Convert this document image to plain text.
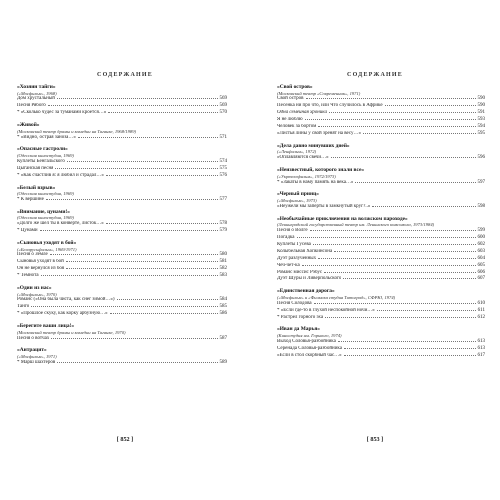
СОДЕРЖАНИЕ
«Хозяин тайги»
(«Мосфильм», 1968)
Дом хрустальный	569
Песня Рябого	569
* «Сколько чудес за туманами кроется…»	570
«Живой»
(Московский театр драмы и комедии на Таганке, 1968/1989)
* «Видно, острая заноза…»	571
«Опасные гастроли»
(Одесская киностудия, 1969)
Куплеты Бенгальского	574
Цыганская песня	575
* «Как счастлив я: я любил и страдал…»	576
«Белый взрыв»
(Одесская киностудия, 1969)
* К вершине	577
«Внимание, цунами!»
(Одесская киностудия, 1969)
«Долго же шел ты в конверте, листок…»	578
* Цунами	579
«Сыновья уходят в бой»
(«Беларусьфильм», 1969/1971)
Песня о Земле	580
Сыновья уходят в бой	581
Он не вернулся из боя	582
* Темнота	583
«Один из нас»
(«Мосфильм», 1970)
Романс («Она была чиста, как снег зимой…»)	584
Танго	585
* «Прошлое скуку, как корку арбузную…»	586
«Берегите ваши лица!»
(Московский театр драмы и комедии на Таганке, 1970)
Песня о вотчах	587
«Антрацит»
(«Мосфильм», 1971)
* Марш шахтеров	589
[ 852 ]
СОДЕРЖАНИЕ
«Свой остров»
(Московский театр «Современник», 1971)
Свой остров	590
Песенка ни про что, или Что случилось в Африке	590
Одна семейная хроника	591
Я не люблю	593
Человек за бортом	594
«Листья лины у свой зренят на весу…»	595
«Дела давно минувших дней»
(«Ленфильм», 1972)
«Оплавляются свечи…»	596
«Неизвестный, которого знали все»
(«Укртелефильм», 1972/1973)
* «Закаты в наму память на века…»	597
«Черный принц»
(«Мосфильм», 1973)
«Неужели мы заперты в замкнутый круг?..»	598
«Необычайные приключения на волжском пароходе»
(Ленинградский государственный театр им. Ленинского комсомола, 1973/1984)
Песня о Волге	599
Погадка	600
Куплеты Гусева	602
Колыбельная Хопкинсона	603
Дуэт разлученных	604
Чеч-чет-ка	605
Романс миссис Рэбус	606
Дуэт Шуры и Ливерпольского	607
«Единственная дорога»
(«Мосфильм» и «Филмска студия Титоград», СФРЮ, 1974)
Песня Солодова	610
* «Если где-то в глухой неспокойной ночи…»	611
* Растрел горного эха	612
«Иван да Марья»
(Киностудия им. Горького, 1974)
Выход Соловья-разбойника	613
Серенада Соловья-разбойника	613
«Если в стол скорбный час…»	617
[ 853 ]
